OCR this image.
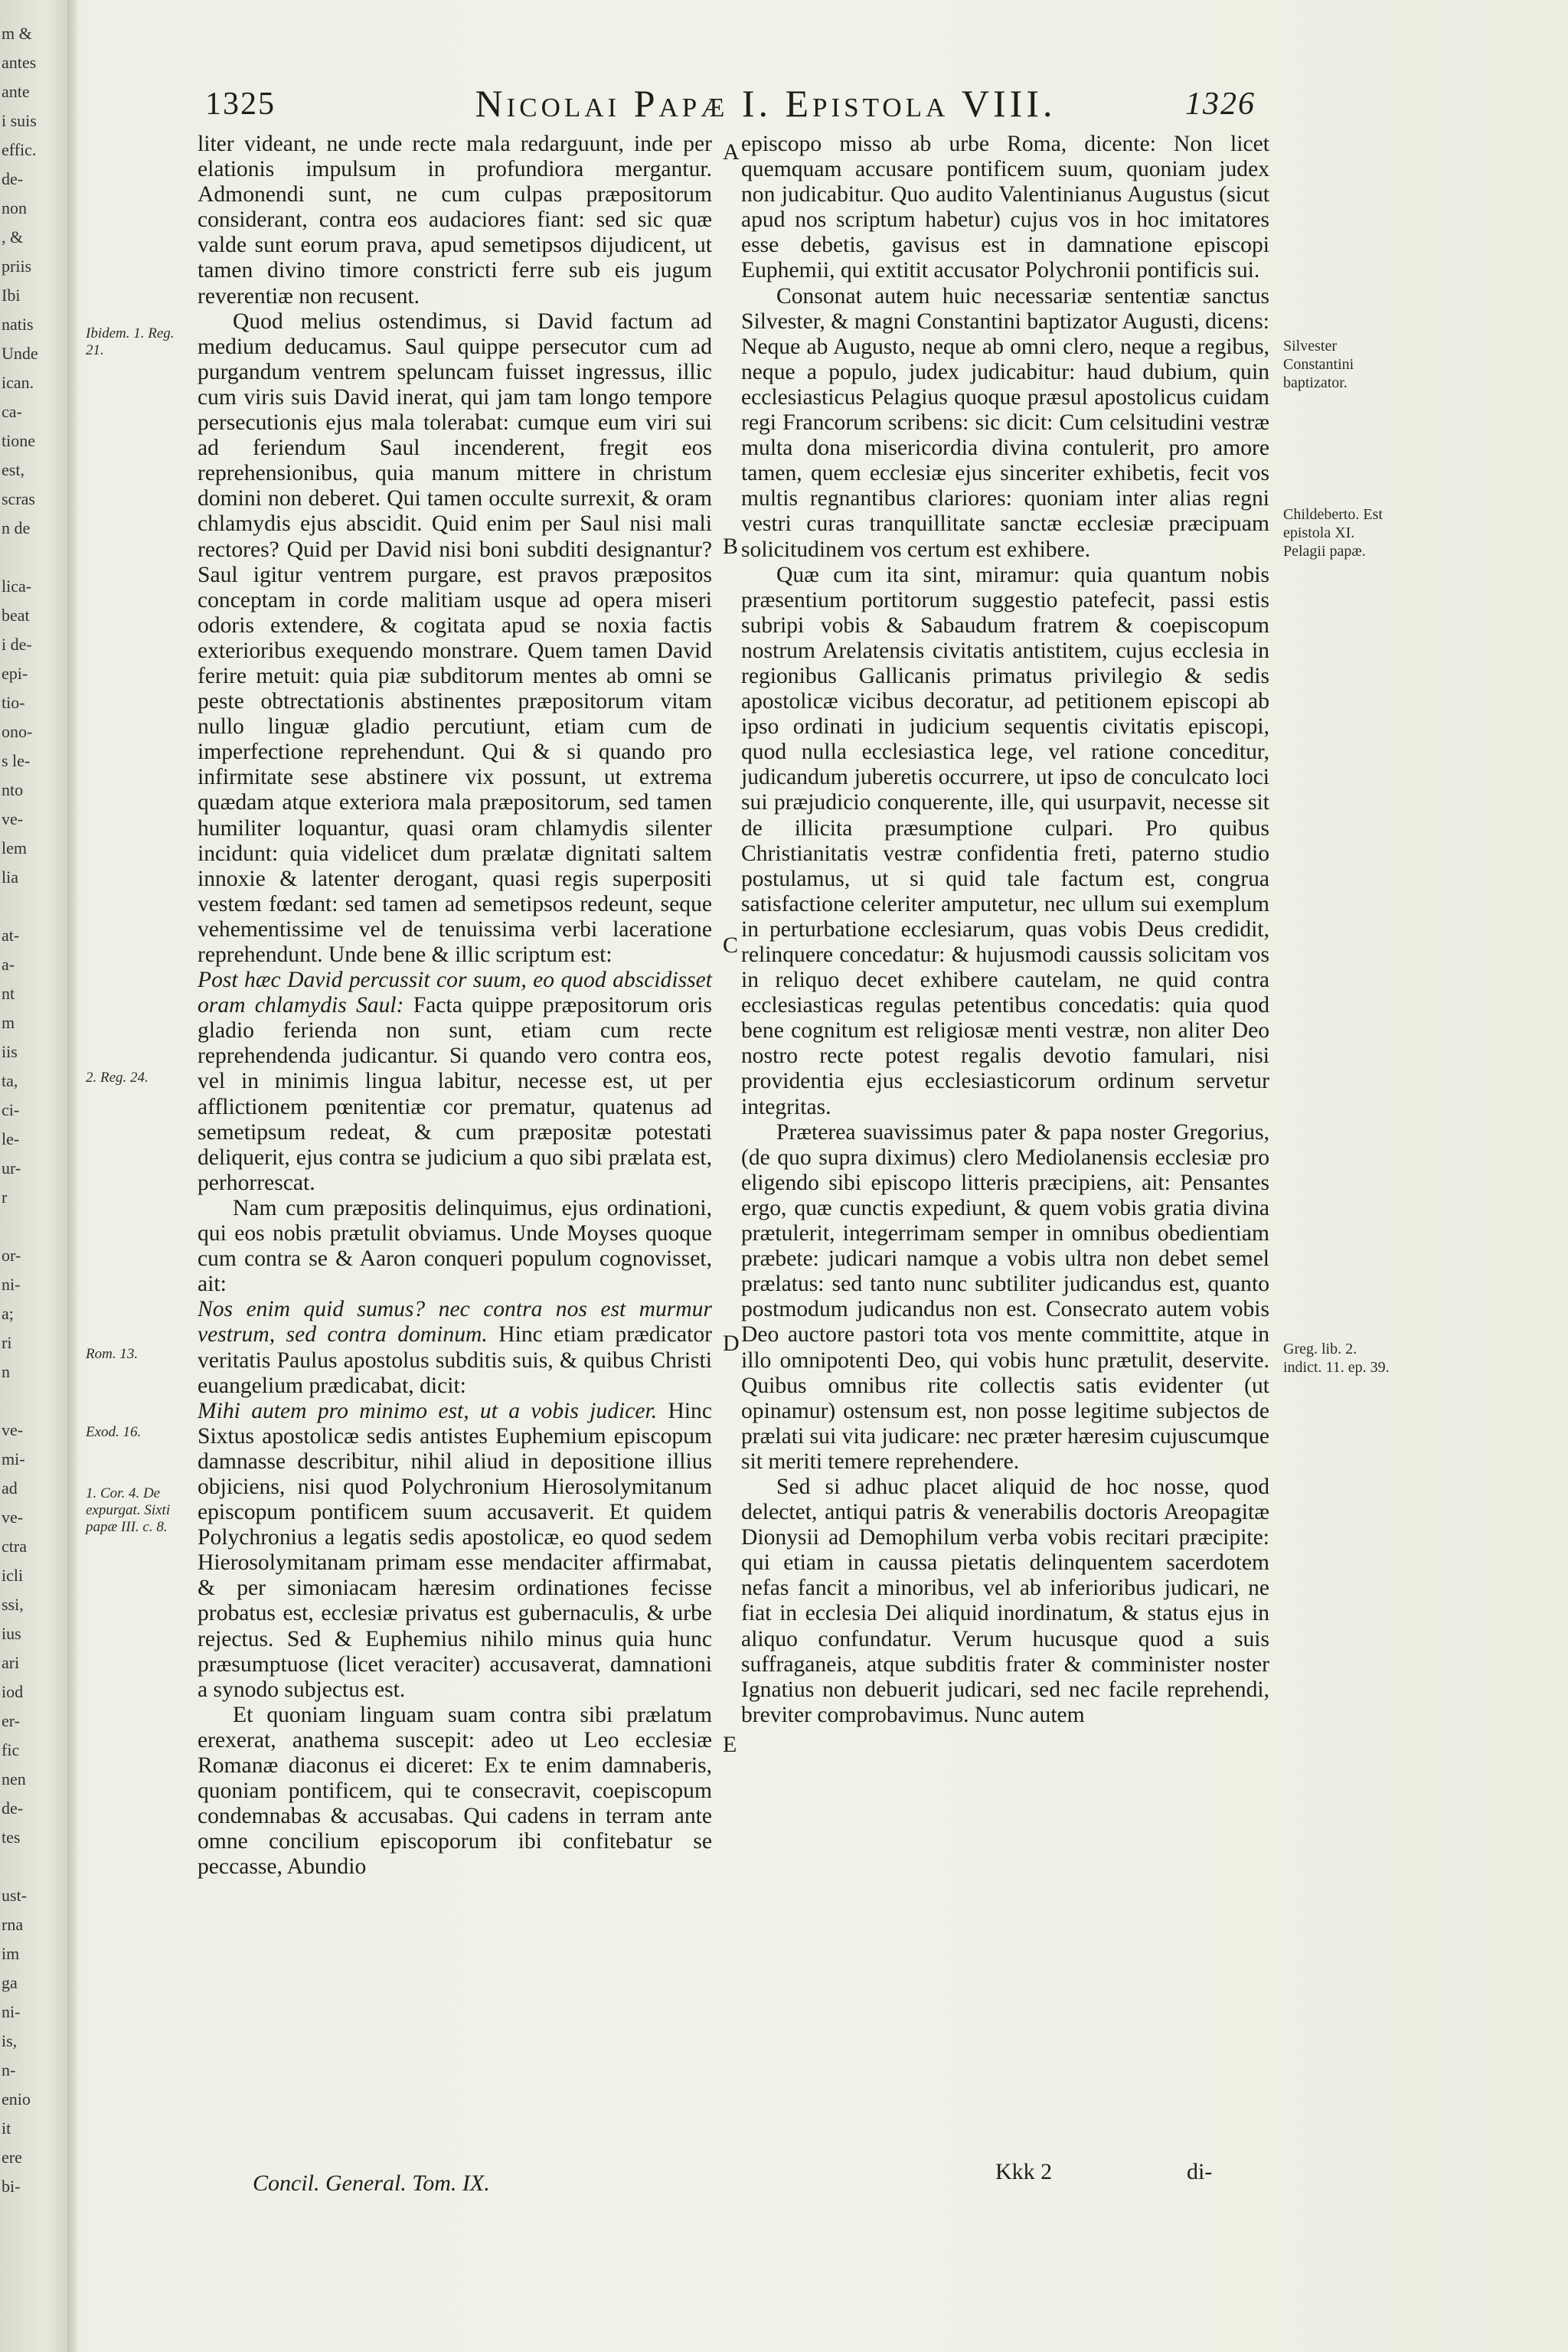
m &
antes
ante
i suis
effic.
de-
non
, &
priis
Ibi
natis
Unde
ican.
ca-
tione
est,
scras
n de
lica-
beat
i de-
epi-
tio-
ono-
s le-
nto
ve-
lem
lia
at-
a-
nt
m
iis
ta,
ci-
le-
ur-
r
or-
ni-
a;
ri
n
ve-
mi-
ad
ve-
ctra
icli
ssi,
ius
ari
iod
er-
fic
nen
de-
tes
ust-
rna
im
ga
ni-
is,
n-
enio
it
ere
bi-
1325	Nicolai Papæ I. Epistola VIII.	1326
Ibidem. 1. Reg. 21.
2. Reg. 24.
Rom. 13.
Exod. 16.
1. Cor. 4. De expurgat. Sixti papæ III. c. 8.
Silvester Constantini baptizator.
Childeberto. Est epistola XI. Pelagii papæ.
Greg. lib. 2. indict. 11. ep. 39.
A
B
C
D
E

liter videant, ne unde recte mala redarguunt, inde per elationis impulsum in profundiora mergantur. Admonendi sunt, ne cum culpas præpositorum considerant, contra eos audaciores fiant: sed sic quæ valde sunt eorum prava, apud semetipsos dijudicent, ut tamen divino timore constricti ferre sub eis jugum reverentiæ non recusent.

Quod melius ostendimus, si David factum ad medium deducamus. Saul quippe persecutor cum ad purgandum ventrem speluncam fuisset ingressus, illic cum viris suis David inerat, qui jam tam longo tempore persecutionis ejus mala tolerabat: cumque eum viri sui ad feriendum Saul incenderent, fregit eos reprehensionibus, quia manum mittere in christum domini non deberet. Qui tamen occulte surrexit, & oram chlamydis ejus abscidit. Quid enim per Saul nisi mali rectores? Quid per David nisi boni subditi designantur? Saul igitur ventrem purgare, est pravos præpositos conceptam in corde malitiam usque ad opera miseri odoris extendere, & cogitata apud se noxia factis exterioribus exequendo monstrare. Quem tamen David ferire metuit: quia piæ subditorum mentes ab omni se peste obtrectationis abstinentes præpositorum vitam nullo linguæ gladio percutiunt, etiam cum de imperfectione reprehendunt. Qui & si quando pro infirmitate sese abstinere vix possunt, ut extrema quædam atque exteriora mala præpositorum, sed tamen humiliter loquantur, quasi oram chlamydis silenter incidunt: quia videlicet dum prælatæ dignitati saltem innoxie & latenter derogant, quasi regis superpositi vestem fœdant: sed tamen ad semetipsos redeunt, seque vehementissime vel de tenuissima verbi laceratione reprehendunt. Unde bene & illic scriptum est:

Post hæc David percussit cor suum, eo quod abscidisset oram chlamydis Saul: Facta quippe præpositorum oris gladio ferienda non sunt, etiam cum recte reprehendenda judicantur. Si quando vero contra eos, vel in minimis lingua labitur, necesse est, ut per afflictionem pœnitentiæ cor prematur, quatenus ad semetipsum redeat, & cum præpositæ potestati deliquerit, ejus contra se judicium a quo sibi prælata est, perhorrescat.

Nam cum præpositis delinquimus, ejus ordinationi, qui eos nobis prætulit obviamus. Unde Moyses quoque cum contra se & Aaron conqueri populum cognovisset, ait:

Nos enim quid sumus? nec contra nos est murmur vestrum, sed contra dominum. Hinc etiam prædicator veritatis Paulus apostolus subditis suis, & quibus Christi euangelium prædicabat, dicit:

Mihi autem pro minimo est, ut a vobis judicer. Hinc Sixtus apostolicæ sedis antistes Euphemium episcopum damnasse describitur, nihil aliud in depositione illius objiciens, nisi quod Polychronium Hierosolymitanum episcopum pontificem suum accusaverit. Et quidem Polychronius a legatis sedis apostolicæ, eo quod sedem Hierosolymitanam primam esse mendaciter affirmabat, & per simoniacam hæresim ordinationes fecisse probatus est, ecclesiæ privatus est gubernaculis, & urbe rejectus. Sed & Euphemius nihilo minus quia hunc præsumptuose (licet veraciter) accusaverat, damnationi a synodo subjectus est.

Et quoniam linguam suam contra sibi prælatum erexerat, anathema suscepit: adeo ut Leo ecclesiæ Romanæ diaconus ei diceret: Ex te enim damnaberis, quoniam pontificem, qui te consecravit, coepiscopum condemnabas & accusabas. Qui cadens in terram ante omne concilium episcoporum ibi confitebatur se peccasse, Abundio

episcopo misso ab urbe Roma, dicente: Non licet quemquam accusare pontificem suum, quoniam judex non judicabitur. Quo audito Valentinianus Augustus (sicut apud nos scriptum habetur) cujus vos in hoc imitatores esse debetis, gavisus est in damnatione episcopi Euphemii, qui extitit accusator Polychronii pontificis sui.

Consonat autem huic necessariæ sententiæ sanctus Silvester, & magni Constantini baptizator Augusti, dicens: Neque ab Augusto, neque ab omni clero, neque a regibus, neque a populo, judex judicabitur: haud dubium, quin ecclesiasticus Pelagius quoque præsul apostolicus cuidam regi Francorum scribens: sic dicit: Cum celsitudini vestræ multa dona misericordia divina contulerit, pro amore tamen, quem ecclesiæ ejus sinceriter exhibetis, fecit vos multis regnantibus clariores: quoniam inter alias regni vestri curas tranquillitate sanctæ ecclesiæ præcipuam solicitudinem vos certum est exhibere.

Quæ cum ita sint, miramur: quia quantum nobis præsentium portitorum suggestio patefecit, passi estis subripi vobis & Sabaudum fratrem & coepiscopum nostrum Arelatensis civitatis antistitem, cujus ecclesia in regionibus Gallicanis primatus privilegio & sedis apostolicæ vicibus decoratur, ad petitionem episcopi ab ipso ordinati in judicium sequentis civitatis episcopi, quod nulla ecclesiastica lege, vel ratione conceditur, judicandum juberetis occurrere, ut ipso de conculcato loci sui præjudicio conquerente, ille, qui usurpavit, necesse sit de illicita præsumptione culpari. Pro quibus Christianitatis vestræ confidentia freti, paterno studio postulamus, ut si quid tale factum est, congrua satisfactione celeriter amputetur, nec ullum sui exemplum in perturbatione ecclesiarum, quas vobis Deus credidit, relinquere concedatur: & hujusmodi caussis solicitam vos in reliquo decet exhibere cautelam, ne quid contra ecclesiasticas regulas petentibus concedatis: quia quod bene cognitum est religiosæ menti vestræ, non aliter Deo nostro recte potest regalis devotio famulari, nisi providentia ejus ecclesiasticorum ordinum servetur integritas.

Præterea suavissimus pater & papa noster Gregorius, (de quo supra diximus) clero Mediolanensis ecclesiæ pro eligendo sibi episcopo litteris præcipiens, ait: Pensantes ergo, quæ cunctis expediunt, & quem vobis gratia divina prætulerit, integerrimam semper in omnibus obedientiam præbete: judicari namque a vobis ultra non debet semel prælatus: sed tanto nunc subtiliter judicandus est, quanto postmodum judicandus non est. Consecrato autem vobis Deo auctore pastori tota vos mente committite, atque in illo omnipotenti Deo, qui vobis hunc prætulit, deservite. Quibus omnibus rite collectis satis evidenter (ut opinamur) ostensum est, non posse legitime subjectos de prælati sui vita judicare: nec præter hæresim cujuscumque sit meriti temere reprehendere.

Sed si adhuc placet aliquid de hoc nosse, quod delectet, antiqui patris & venerabilis doctoris Areopagitæ Dionysii ad Demophilum verba vobis recitari præcipite: qui etiam in caussa pietatis delinquentem sacerdotem nefas fancit a minoribus, vel ab inferioribus judicari, ne fiat in ecclesia Dei aliquid inordinatum, & status ejus in aliquo confundatur. Verum hucusque quod a suis suffraganeis, atque subditis frater & comminister noster Ignatius non debuerit judicari, sed nec facile reprehendi, breviter comprobavimus. Nunc autem

Concil. General. Tom. IX.	Kkk 2	di-
